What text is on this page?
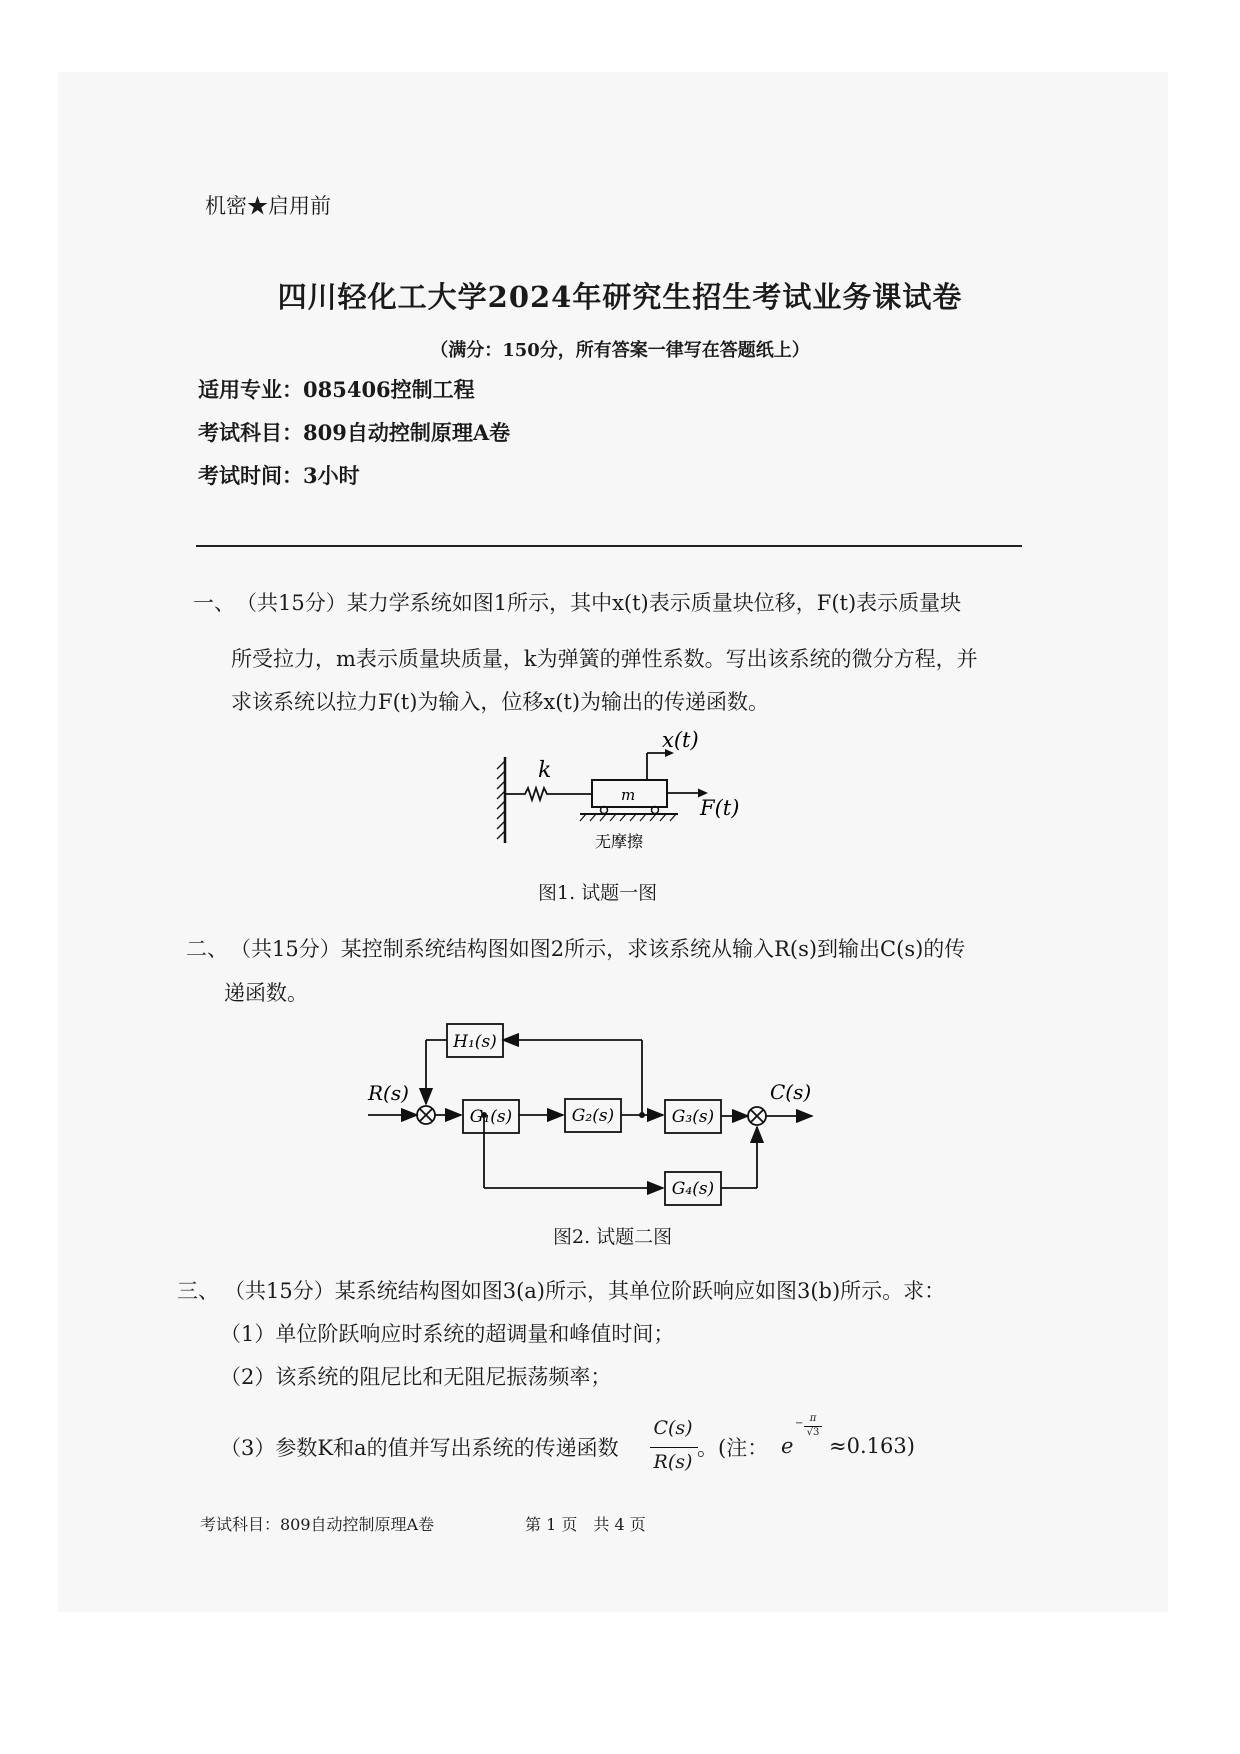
机密★启用前
四川轻化工大学2024年研究生招生考试业务课试卷
（满分：150分，所有答案一律写在答题纸上）
适用专业：085406控制工程
考试科目：809自动控制原理A卷
考试时间：3小时
一、 （共15分）某力学系统如图1所示，其中x(t)表示质量块位移，F(t)表示质量块
所受拉力，m表示质量块质量，k为弹簧的弹性系数。写出该系统的微分方程，并
求该系统以拉力F(t)为输入，位移x(t)为输出的传递函数。
k
m
x(t)
F(t)
无摩擦
图1. 试题一图
二、 （共15分）某控制系统结构图如图2所示，求该系统从输入R(s)到输出C(s)的传
递函数。
R(s)	C(s)
H₁(s)
G₁(s)	G₂(s)	G₃(s)
G₄(s)
图2. 试题二图
三、 （共15分）某系统结构图如图3(a)所示，其单位阶跃响应如图3(b)所示。求：
（1）单位阶跃响应时系统的超调量和峰值时间；
（2）该系统的阻尼比和无阻尼振荡频率；
（3）参数K和a的值并写出系统的传递函数
C(s)
R(s)
。(注： e
− π
√3
≈0.163)
考试科目：809自动控制原理A卷	第 1 页　共 4 页
